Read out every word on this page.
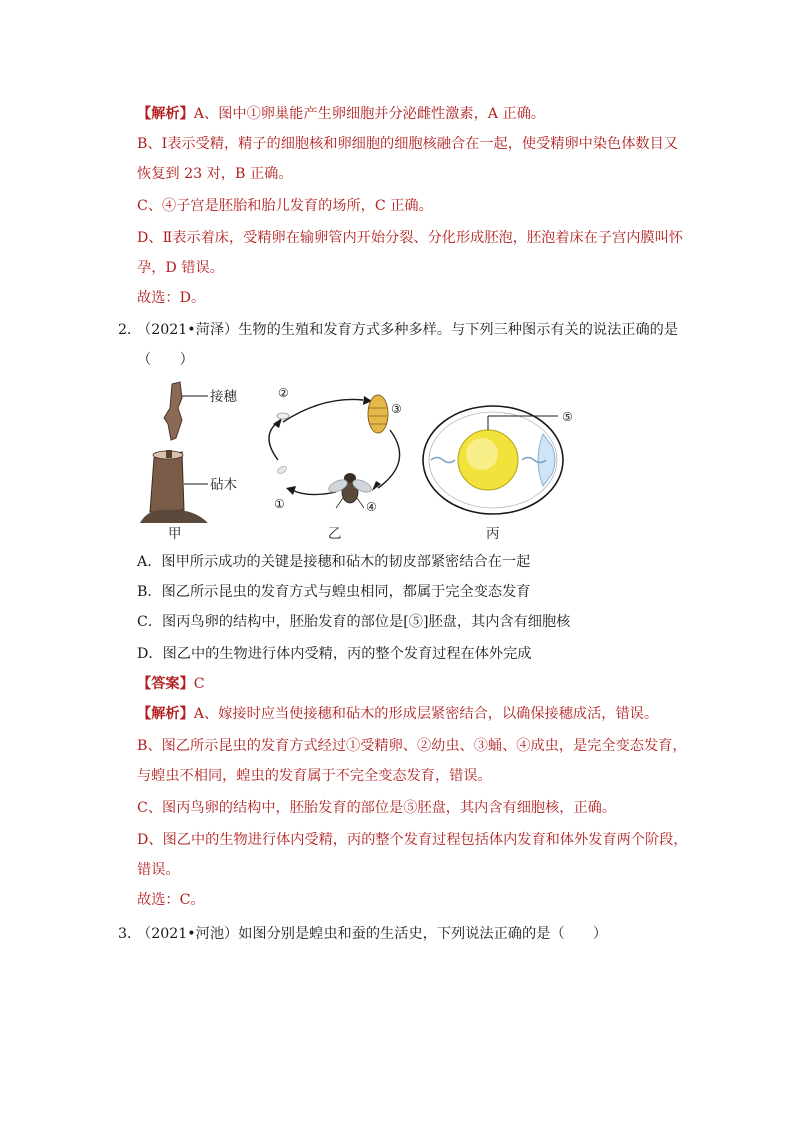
【解析】A、图中①卵巢能产生卵细胞并分泌雌性激素，A 正确。
B、Ⅰ表示受精，精子的细胞核和卵细胞的细胞核融合在一起，使受精卵中染色体数目又
恢复到 23 对，B 正确。
C、④子宫是胚胎和胎儿发育的场所，C 正确。
D、Ⅱ表示着床，受精卵在输卵管内开始分裂、分化形成胚泡，胚泡着床在子宫内膜叫怀
孕，D 错误。
故选：D。
2．
（2021•菏泽）生物的生殖和发育方式多种多样。与下列三种图示有关的说法正确的是
（　　）
接穗
砧木
②
③
①	④
⑤
甲	乙	丙
A．图甲所示成功的关键是接穗和砧木的韧皮部紧密结合在一起
B．图乙所示昆虫的发育方式与蝗虫相同，都属于完全变态发育
C．图丙鸟卵的结构中，胚胎发育的部位是[⑤]胚盘，其内含有细胞核
D．图乙中的生物进行体内受精，丙的整个发育过程在体外完成
【答案】C
【解析】A、嫁接时应当使接穗和砧木的形成层紧密结合，以确保接穗成活，错误。
B、图乙所示昆虫的发育方式经过①受精卵、②幼虫、③蛹、④成虫，是完全变态发育，
与蝗虫不相同，蝗虫的发育属于不完全变态发育，错误。
C、图丙鸟卵的结构中，胚胎发育的部位是⑤胚盘，其内含有细胞核，正确。
D、图乙中的生物进行体内受精，丙的整个发育过程包括体内发育和体外发育两个阶段，
错误。
故选：C。
3．
（2021•河池）如图分别是蝗虫和蚕的生活史，下列说法正确的是（　　）
